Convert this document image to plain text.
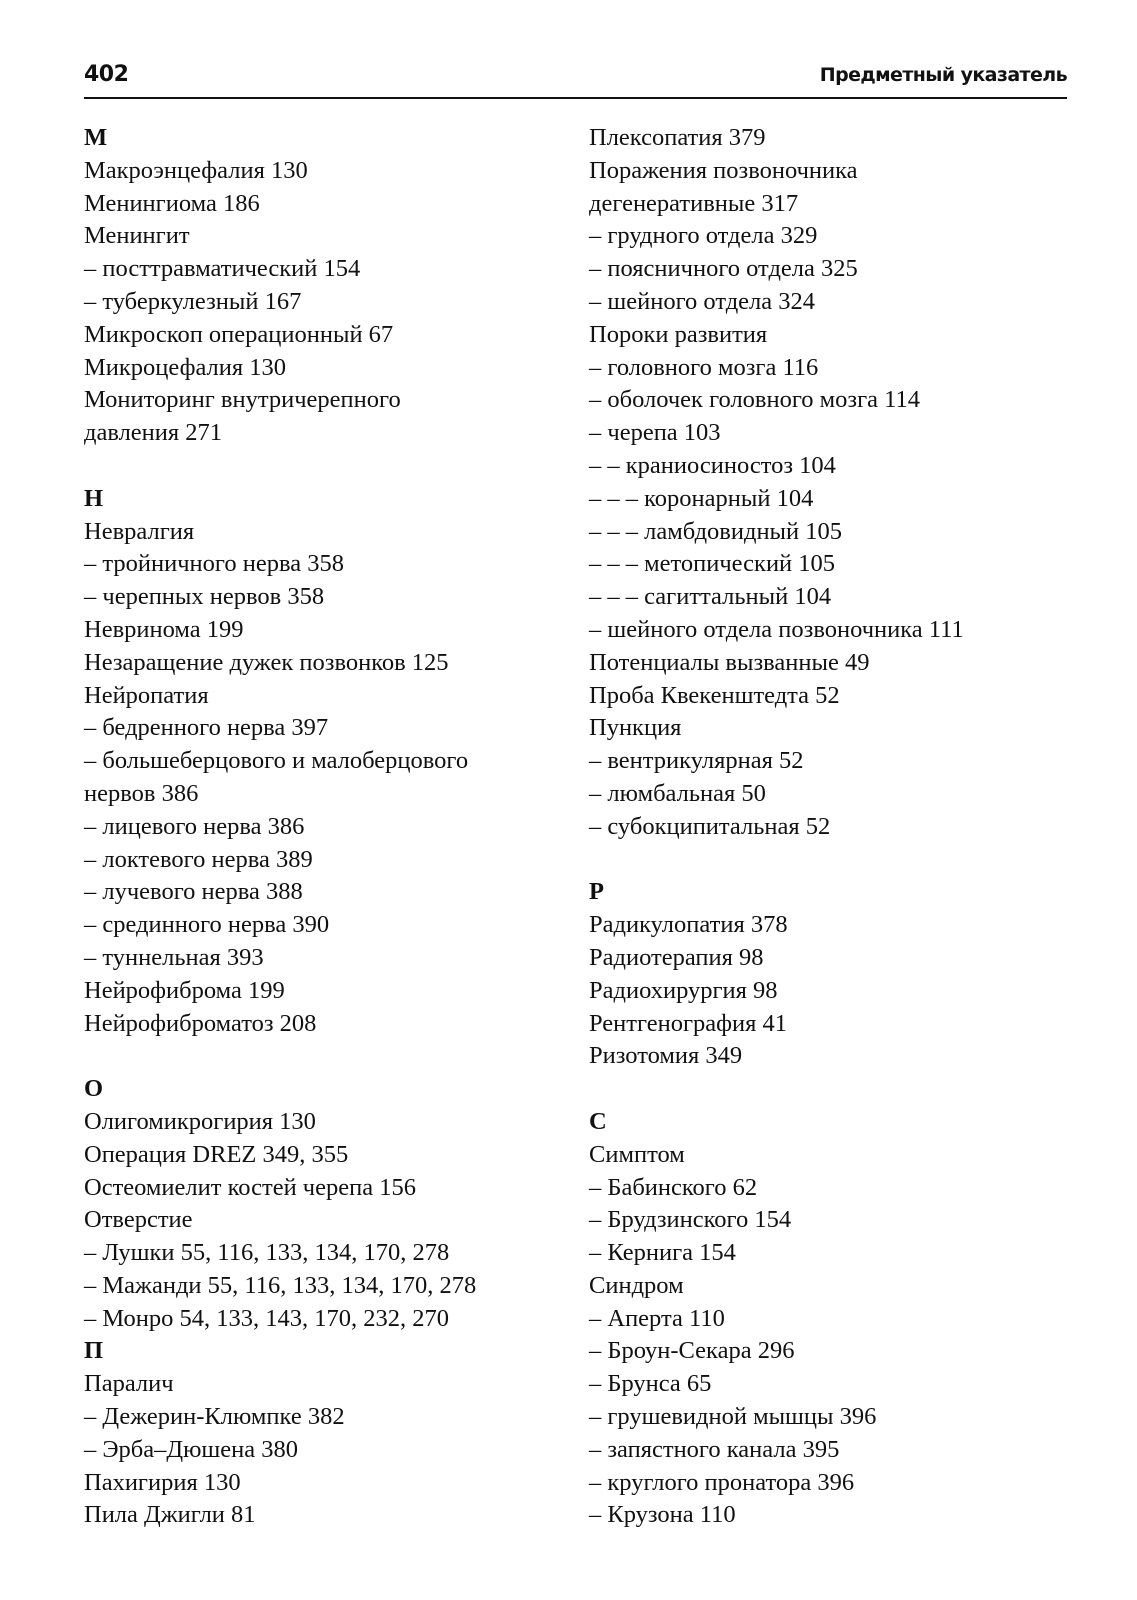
402	Предметный указатель
М
Макроэнцефалия 130
Менингиома 186
Менингит
– посттравматический 154
– туберкулезный 167
Микроскоп операционный 67
Микроцефалия 130
Мониторинг внутричерепного
давления 271
Н
Невралгия
– тройничного нерва 358
– черепных нервов 358
Невринома 199
Незаращение дужек позвонков 125
Нейропатия
– бедренного нерва 397
– большеберцового и малоберцового
нервов 386
– лицевого нерва 386
– локтевого нерва 389
– лучевого нерва 388
– срединного нерва 390
– туннельная 393
Нейрофиброма 199
Нейрофиброматоз 208
О
Олигомикрогирия 130
Операция DREZ 349, 355
Остеомиелит костей черепа 156
Отверстие
– Лушки 55, 116, 133, 134, 170, 278
– Мажанди 55, 116, 133, 134, 170, 278
– Монро 54, 133, 143, 170, 232, 270
П
Паралич
– Дежерин-Клюмпке 382
– Эрба–Дюшена 380
Пахигирия 130
Пила Джигли 81
Плексопатия 379
Поражения позвоночника
дегенеративные 317
– грудного отдела 329
– поясничного отдела 325
– шейного отдела 324
Пороки развития
– головного мозга 116
– оболочек головного мозга 114
– черепа 103
– – краниосиностоз 104
– – – коронарный 104
– – – ламбдовидный 105
– – – метопический 105
– – – сагиттальный 104
– шейного отдела позвоночника 111
Потенциалы вызванные 49
Проба Квекенштедта 52
Пункция
– вентрикулярная 52
– люмбальная 50
– субокципитальная 52
Р
Радикулопатия 378
Радиотерапия 98
Радиохирургия 98
Рентгенография 41
Ризотомия 349
С
Симптом
– Бабинского 62
– Брудзинского 154
– Кернига 154
Синдром
– Аперта 110
– Броун-Секара 296
– Брунса 65
– грушевидной мышцы 396
– запястного канала 395
– круглого пронатора 396
– Крузона 110
